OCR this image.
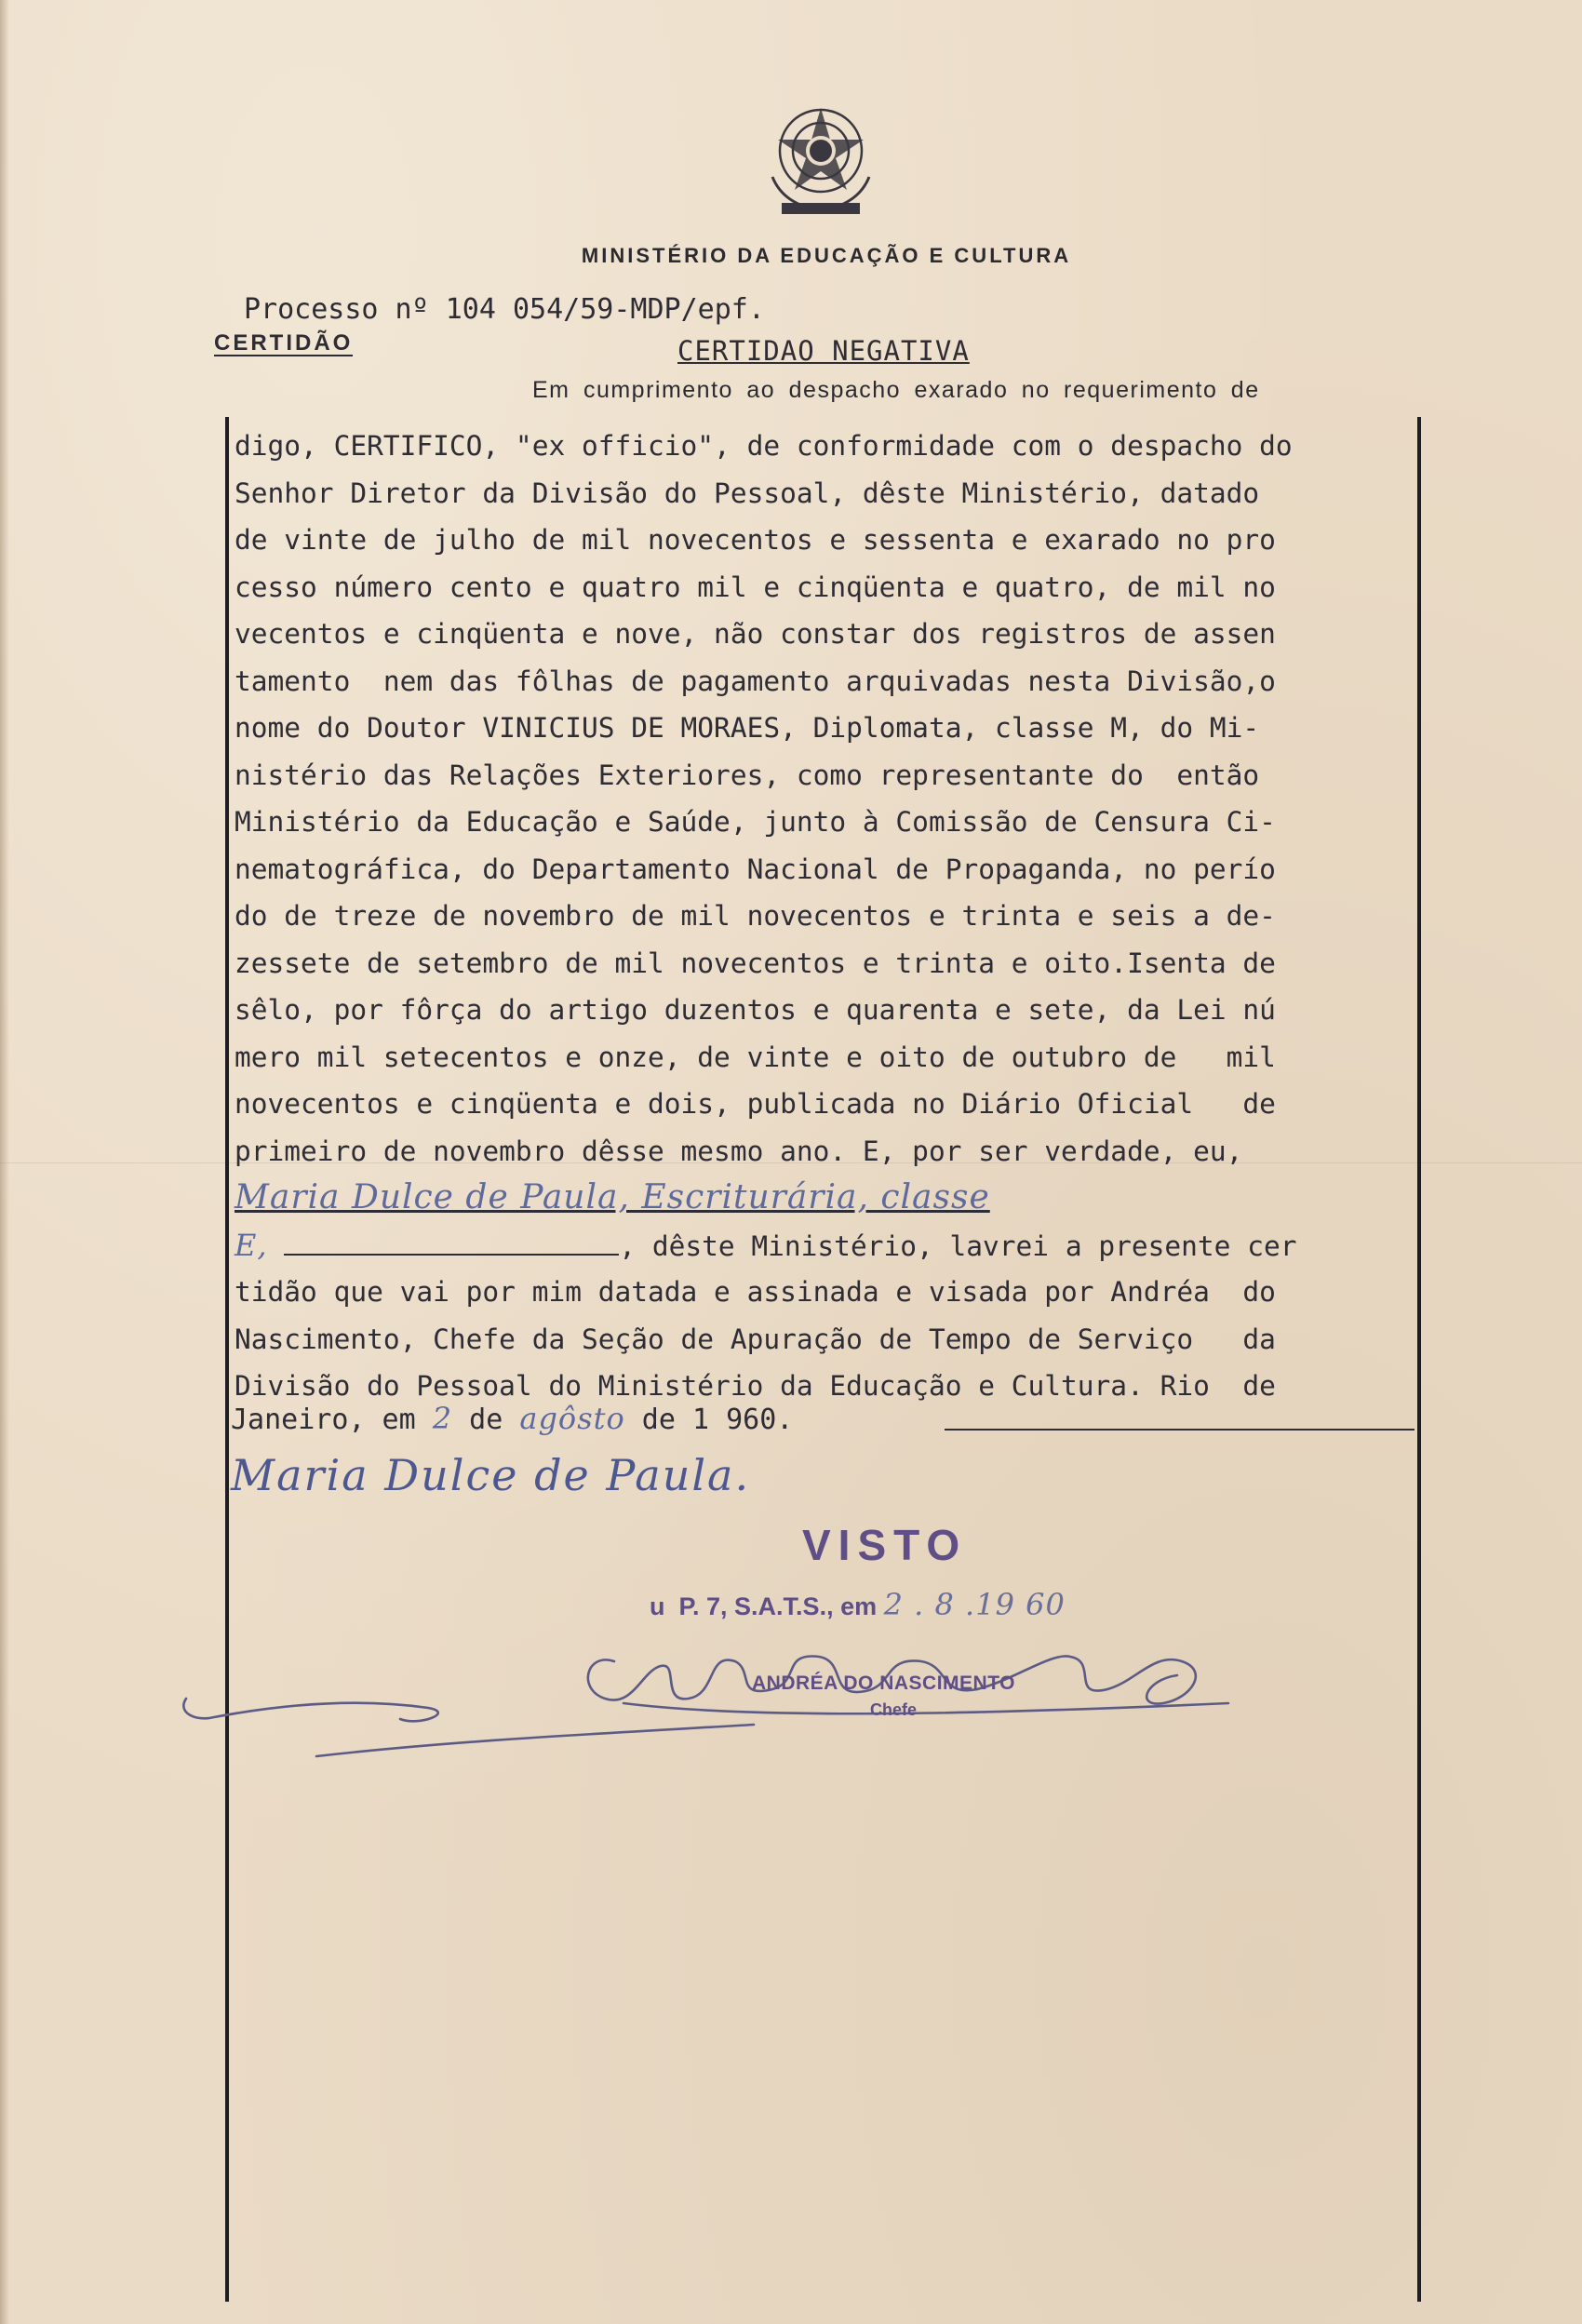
MINISTÉRIO DA EDUCAÇÃO E CULTURA
Processo nº 104 054/59-MDP/epf.
CERTIDÃO	CERTIDAO NEGATIVA
Em cumprimento ao despacho exarado no requerimento de
digo, CERTIFICO, "ex officio", de conformidade com o despacho do
Senhor Diretor da Divisão do Pessoal, dêste Ministério, datado
de vinte de julho de mil novecentos e sessenta e exarado no pro
cesso número cento e quatro mil e cinqüenta e quatro, de mil no
vecentos e cinqüenta e nove, não constar dos registros de assen
tamento  nem das fôlhas de pagamento arquivadas nesta Divisão,o
nome do Doutor VINICIUS DE MORAES, Diplomata, classe M, do Mi-
nistério das Relações Exteriores, como representante do  então
Ministério da Educação e Saúde, junto à Comissão de Censura Ci-
nematográfica, do Departamento Nacional de Propaganda, no perío
do de treze de novembro de mil novecentos e trinta e seis a de-
zessete de setembro de mil novecentos e trinta e oito.Isenta de
sêlo, por fôrça do artigo duzentos e quarenta e sete, da Lei nú
mero mil setecentos e onze, de vinte e oito de outubro de   mil
novecentos e cinqüenta e dois, publicada no Diário Oficial   de
primeiro de novembro dêsse mesmo ano. E, por ser verdade, eu,
Maria Dulce de Paula, Escriturária, classe
E,	, dêste Ministério, lavrei a presente cer
tidão que vai por mim datada e assinada e visada por Andréa  do
Nascimento, Chefe da Seção de Apuração de Tempo de Serviço   da
Divisão do Pessoal do Ministério da Educação e Cultura. Rio  de
Janeiro, em 2 de agôsto de 1 960.
Maria Dulce de Paula.
VISTO
u  P. 7, S.A.T.S., em 2 . 8 .19 60
ANDRÉA DO NASCIMENTO
Chefe
